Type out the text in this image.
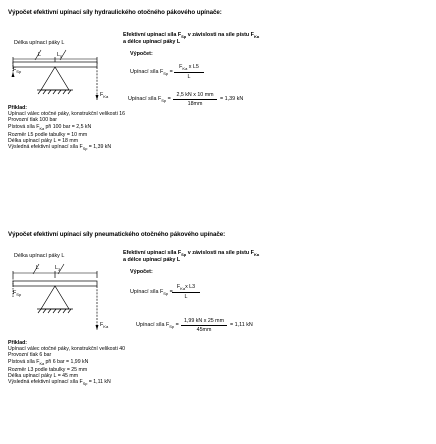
Výpočet efektivní upínací síly hydraulického otočného pákového upínače:
Délka upínací páky L
L	$L_5$
$F_{Sp}$
$F_{Ka}$
Efektivní upínací síla $F_{Sp}$ v závislosti na síle pístu $F_{Ka}$
a délce upínací páky L
Výpočet:
Upínací síla $F_{Sp}$ =
$F_{Ka}$ x L5
L
Upínací síla $F_{Sp} = \frac{\text{2,5 kN x 10 mm}}{18mm} = 1,39$ kN
Příklad:
Upínací válec otočné páky, konstrukční velikosti 16
Provozní tlak 100 bar
Pístová síla $F_{Ka}$ při 100 bar = 2,5 kN
Rozměr L5 podle tabulky = 10 mm
Délka upínací páky L = 18 mm
Výsledná efektivní upínací síla $F_{Sp} = 1,39$ kN
Výpočet efektivní upínací síly pneumatického otočného pákového upínače:
Délka upínací páky L
L	$L_3$
$F_{Sp}$
$F_{Ka}$
Efektivní upínací síla $F_{Sp}$ v závislosti na síle pístu $F_{Ka}$
a délce upínací páky L
Výpočet:
Upínací síla $F_{Sp}$ =
$F_{Ka}x$ L3
L
Upínací síla $F_{Sp} = \frac{\text{1,99 kN x 25 mm}}{45mm} = 1,11$ kN
Příklad:
Upínací válec otočné páky, konstrukční velikosti 40
Provozní tlak 6 bar
Pístová síla $F_{Ka}$ při 6 bar = 1,99 kN
Rozměr L3 podle tabulky = 25 mm
Délka upínací páky L = 45 mm
Výsledná efektivní upínací síla $F_{Sp} = 1,11$ kN
